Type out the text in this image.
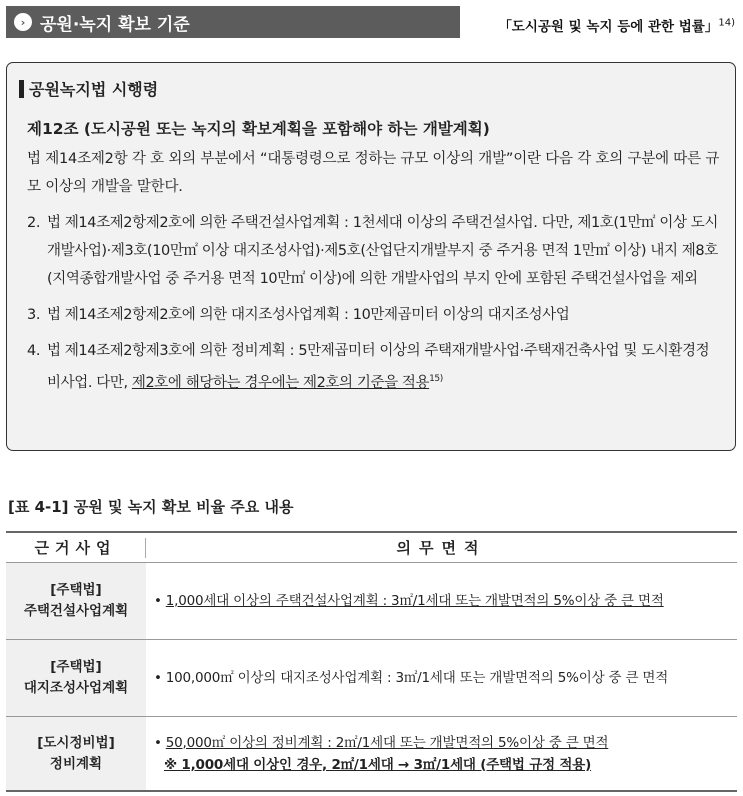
› 공원·녹지 확보 기준	「도시공원 및 녹지 등에 관한 법률」$^{14)}$
공원녹지법 시행령
제12조 (도시공원 또는 녹지의 확보계획을 포함해야 하는 개발계획)
법 제14조제2항 각 호 외의 부분에서 “대통령령으로 정하는 규모 이상의 개발”이란 다음 각 호의 구분에 따른 규모 이상의 개발을 말한다.
2. 법 제14조제2항제2호에 의한 주택건설사업계획 : 1천세대 이상의 주택건설사업. 다만, 제1호(1만㎡ 이상 도시개발사업)·제3호(10만㎡ 이상 대지조성사업)·제5호(산업단지개발부지 중 주거용 면적 1만㎡ 이상) 내지 제8호(지역종합개발사업 중 주거용 면적 10만㎡ 이상)에 의한 개발사업의 부지 안에 포함된 주택건설사업을 제외
3. 법 제14조제2항제2호에 의한 대지조성사업계획 : 10만제곱미터 이상의 대지조성사업
4. 법 제14조제2항제3호에 의한 정비계획 : 5만제곱미터 이상의 주택재개발사업·주택재건축사업 및 도시환경정비사업. 다만, 제2호에 해당하는 경우에는 제2호의 기준을 적용$^{15)}$
[표 4-1] 공원 및 녹지 확보 비율 주요 내용
근거사업	의무면적
[주택법]
주택건설사업계획
• 1,000세대 이상의 주택건설사업계획 : 3㎡/1세대 또는 개발면적의 5%이상 중 큰 면적
[주택법]
대지조성사업계획
• 100,000㎡ 이상의 대지조성사업계획 : 3㎡/1세대 또는 개발면적의 5%이상 중 큰 면적
[도시정비법]
정비계획
• 50,000㎡ 이상의 정비계획 : 2㎡/1세대 또는 개발면적의 5%이상 중 큰 면적
※ 1,000세대 이상인 경우, 2㎡/1세대 → 3㎡/1세대 (주택법 규정 적용)
